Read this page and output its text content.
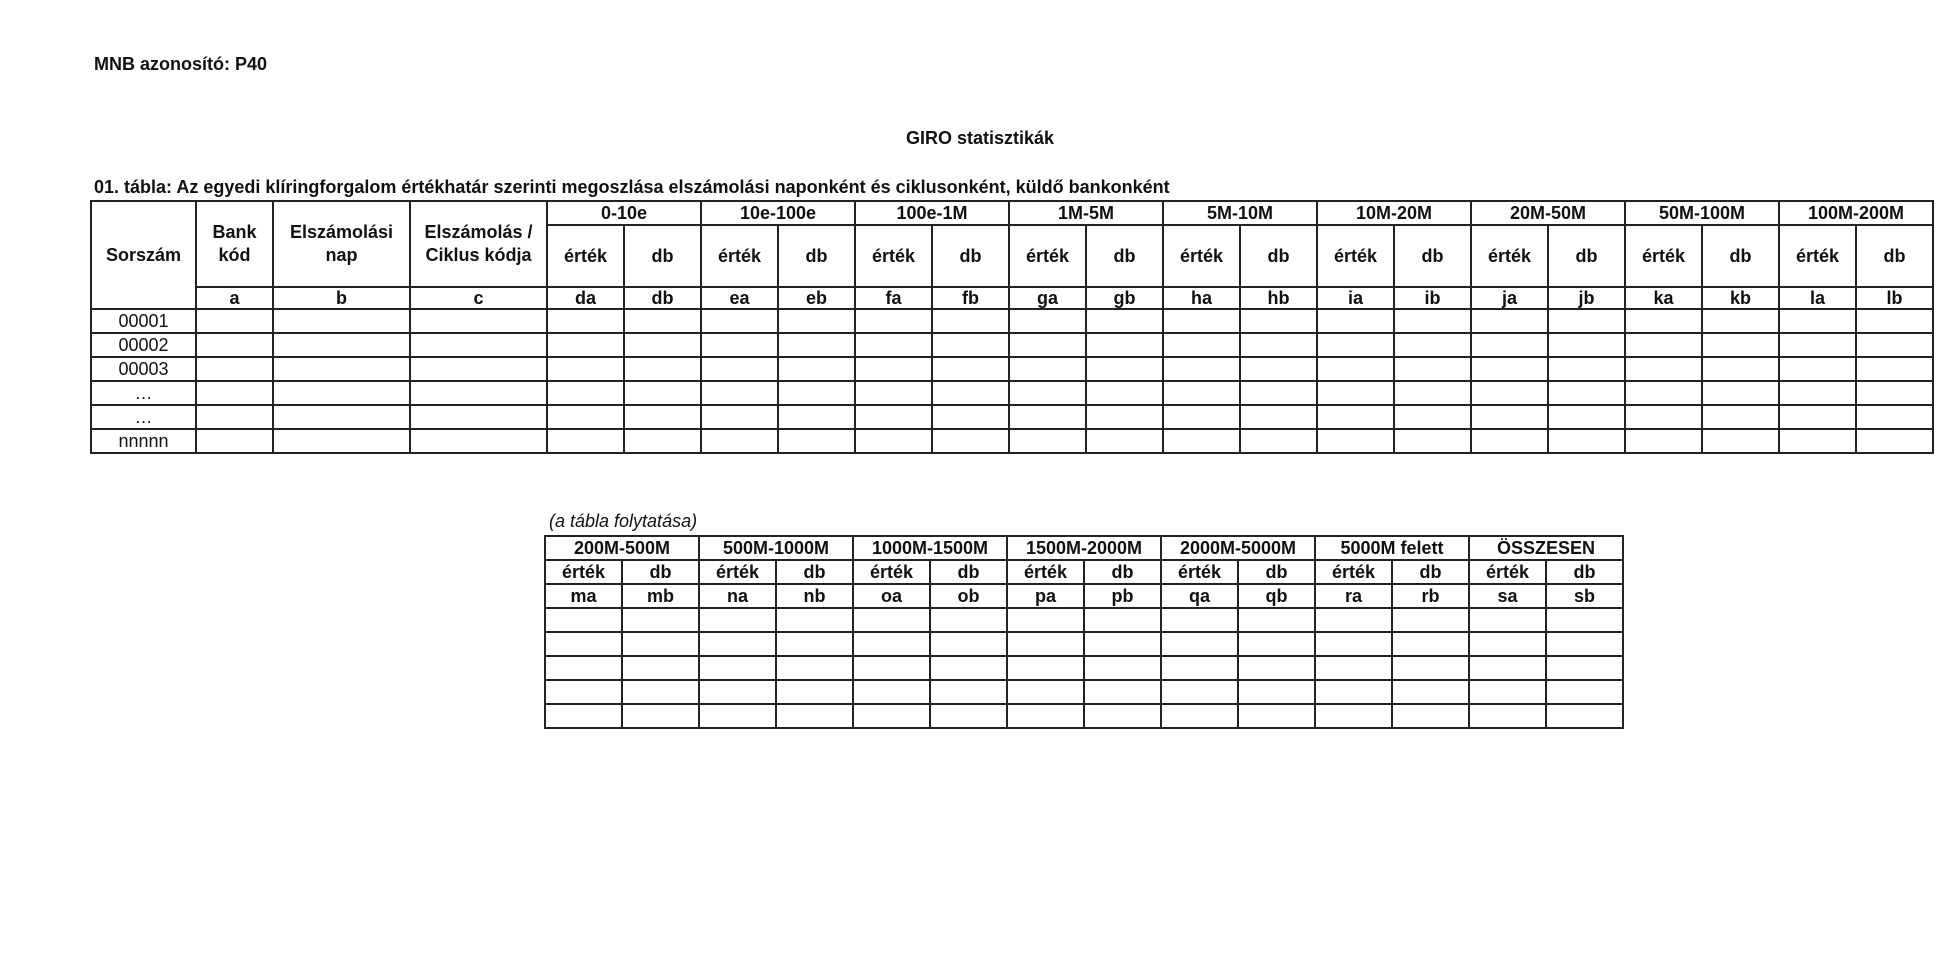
MNB azonosító: P40
GIRO statisztikák
01. tábla: Az egyedi klíringforgalom értékhatár szerinti megoszlása elszámolási naponként és ciklusonként, küldő bankonként
Sorszám	Bank kód	Elszámolási nap	Elszámolás / Ciklus kódja	0-10e		10e-100e		100e-1M		1M-5M		5M-10M		10M-20M		20M-50M		50M-100M		100M-200M	
				érték	db	érték	db	érték	db	érték	db	érték	db	érték	db	érték	db	érték	db	érték	db
	a	b	c	da	db	ea	eb	fa	fb	ga	gb	ha	hb	ia	ib	ja	jb	ka	kb	la	lb
00001																					
00002																					
00003																					
…																					
…																					
nnnnn																					
(a tábla folytatása)
200M-500M		500M-1000M		1000M-1500M		1500M-2000M		2000M-5000M		5000M felett		ÖSSZESEN	
érték	db	érték	db	érték	db	érték	db	érték	db	érték	db	érték	db
ma	mb	na	nb	oa	ob	pa	pb	qa	qb	ra	rb	sa	sb
